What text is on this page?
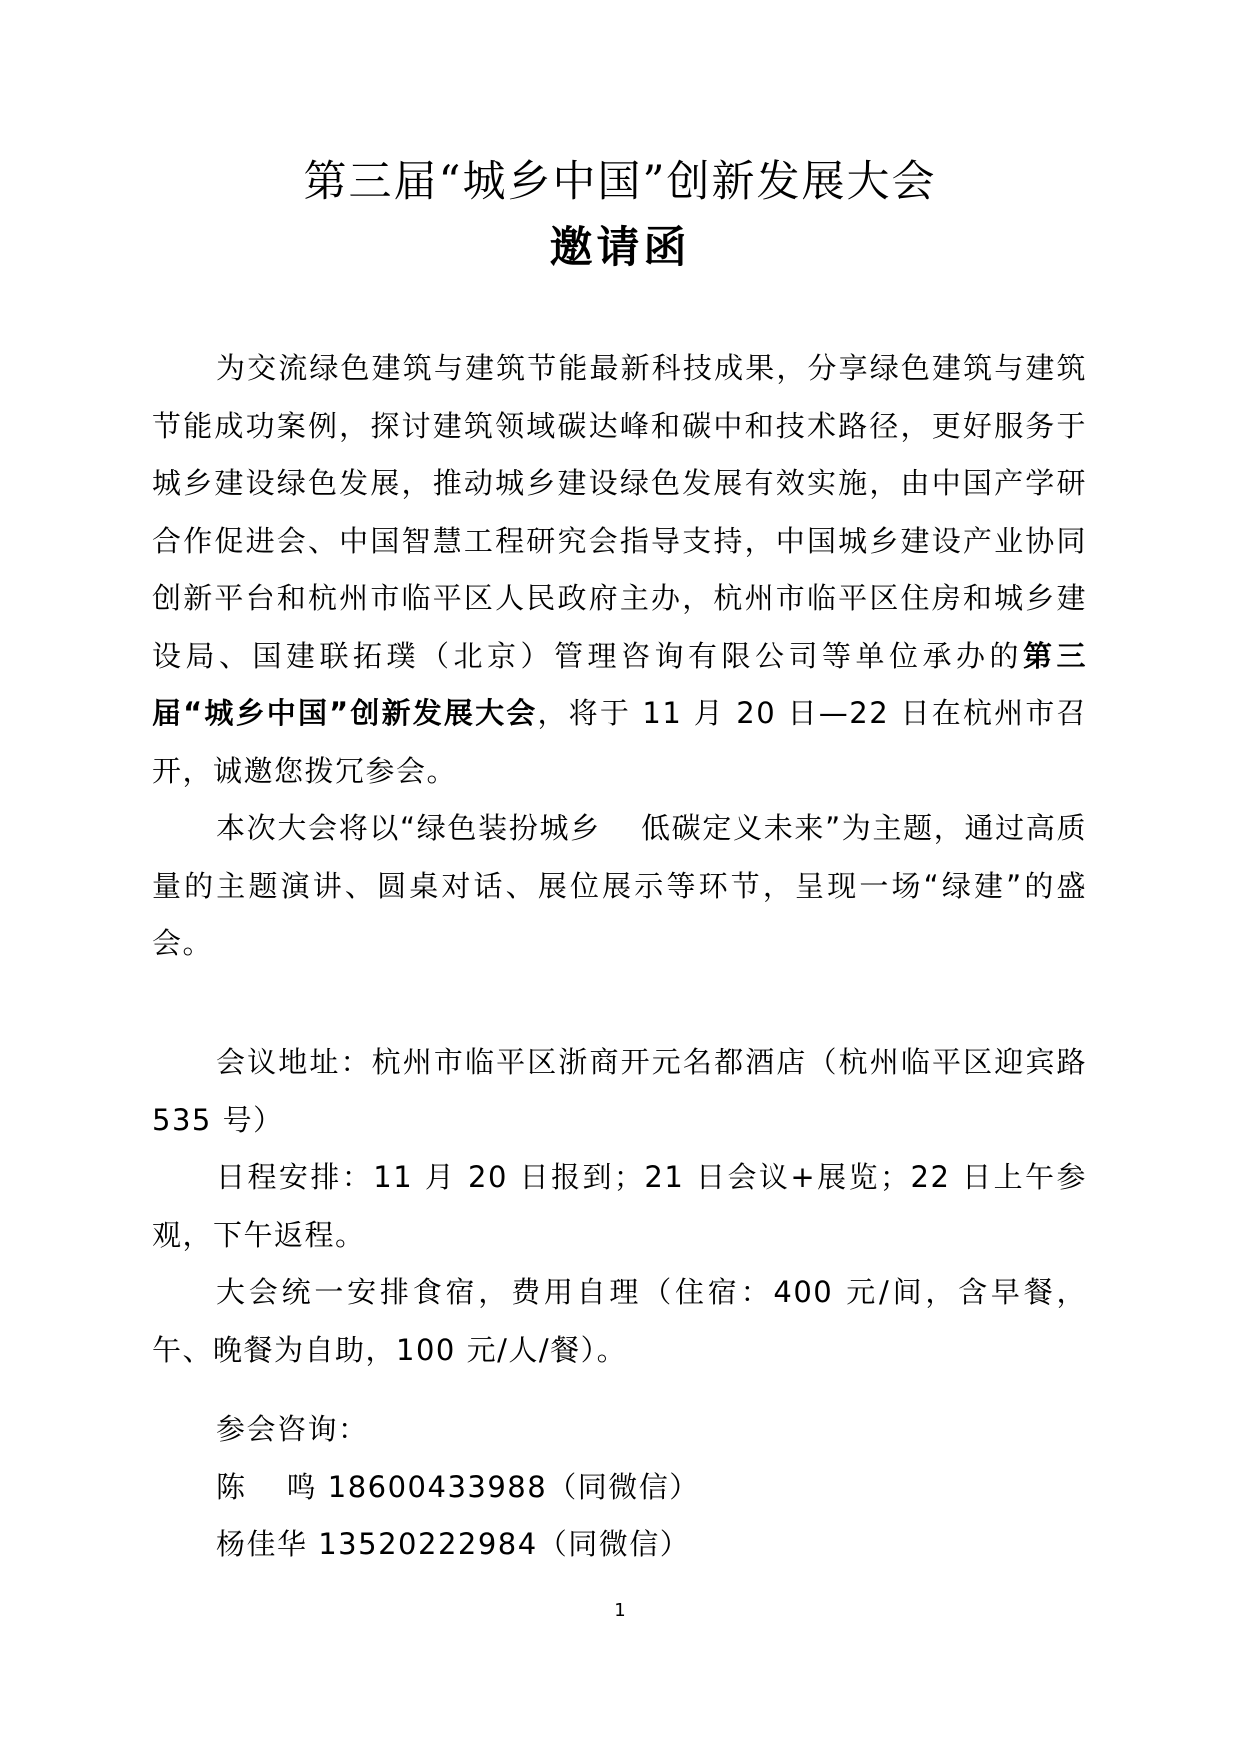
第三届“城乡中国”创新发展大会
邀请函

为交流绿色建筑与建筑节能最新科技成果，分享绿色建筑与建筑节能成功案例，探讨建筑领域碳达峰和碳中和技术路径，更好服务于城乡建设绿色发展，推动城乡建设绿色发展有效实施，由中国产学研合作促进会、中国智慧工程研究会指导支持，中国城乡建设产业协同创新平台和杭州市临平区人民政府主办，杭州市临平区住房和城乡建设局、国建联拓璞（北京）管理咨询有限公司等单位承办的第三届“城乡中国”创新发展大会，将于 11 月 20 日—22 日在杭州市召开，诚邀您拨冗参会。

本次大会将以“绿色装扮城乡 低碳定义未来”为主题，通过高质量的主题演讲、圆桌对话、展位展示等环节，呈现一场“绿建”的盛会。

会议地址：杭州市临平区浙商开元名都酒店（杭州临平区迎宾路 535 号）

日程安排：11 月 20 日报到；21 日会议+展览；22 日上午参观，下午返程。

大会统一安排食宿，费用自理（住宿：400 元/间，含早餐，午、晚餐为自助，100 元/人/餐）。

参会咨询：

陈 鸣 18600433988（同微信）

杨佳华 13520222984（同微信）

1
